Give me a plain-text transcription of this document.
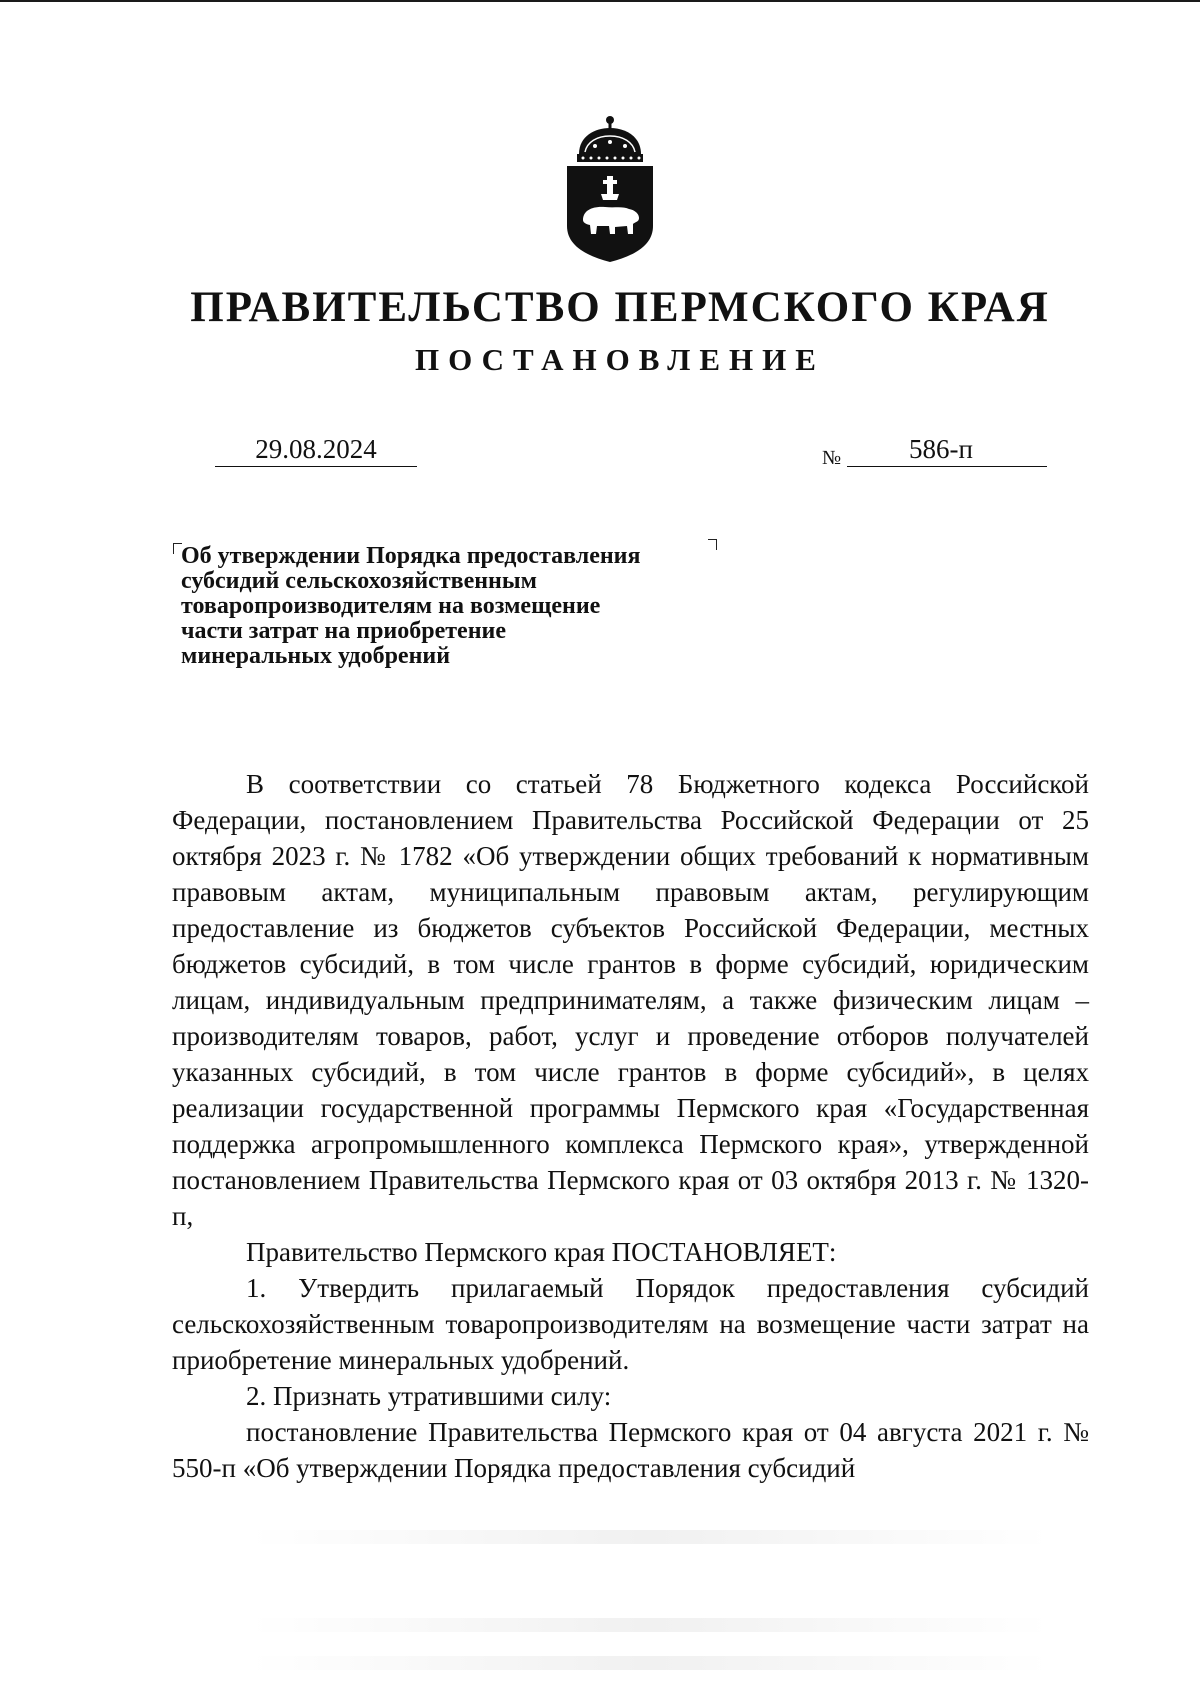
ПРАВИТЕЛЬСТВО ПЕРМСКОГО КРАЯ
ПОСТАНОВЛЕНИЕ
29.08.2024	№	586-п
Об утверждении Порядка предоставления
субсидий сельскохозяйственным
товаропроизводителям на возмещение
части затрат на приобретение
минеральных удобрений

В соответствии со статьей 78 Бюджетного кодекса Российской Федерации, постановлением Правительства Российской Федерации от 25 октября 2023 г. № 1782 «Об утверждении общих требований к нормативным правовым актам, муниципальным правовым актам, регулирующим предоставление из бюджетов субъектов Российской Федерации, местных бюджетов субсидий, в том числе грантов в форме субсидий, юридическим лицам, индивидуальным предпринимателям, а также физическим лицам – производителям товаров, работ, услуг и проведение отборов получателей указанных субсидий, в том числе грантов в форме субсидий», в целях реализации государственной программы Пермского края «Государственная поддержка агропромышленного комплекса Пермского края», утвержденной постановлением Правительства Пермского края от 03 октября 2013 г. № 1320-п,

Правительство Пермского края ПОСТАНОВЛЯЕТ:

1. Утвердить прилагаемый Порядок предоставления субсидий сельскохозяйственным товаропроизводителям на возмещение части затрат на приобретение минеральных удобрений.

2. Признать утратившими силу:

постановление Правительства Пермского края от 04 августа 2021 г. № 550-п «Об утверждении Порядка предоставления субсидий
